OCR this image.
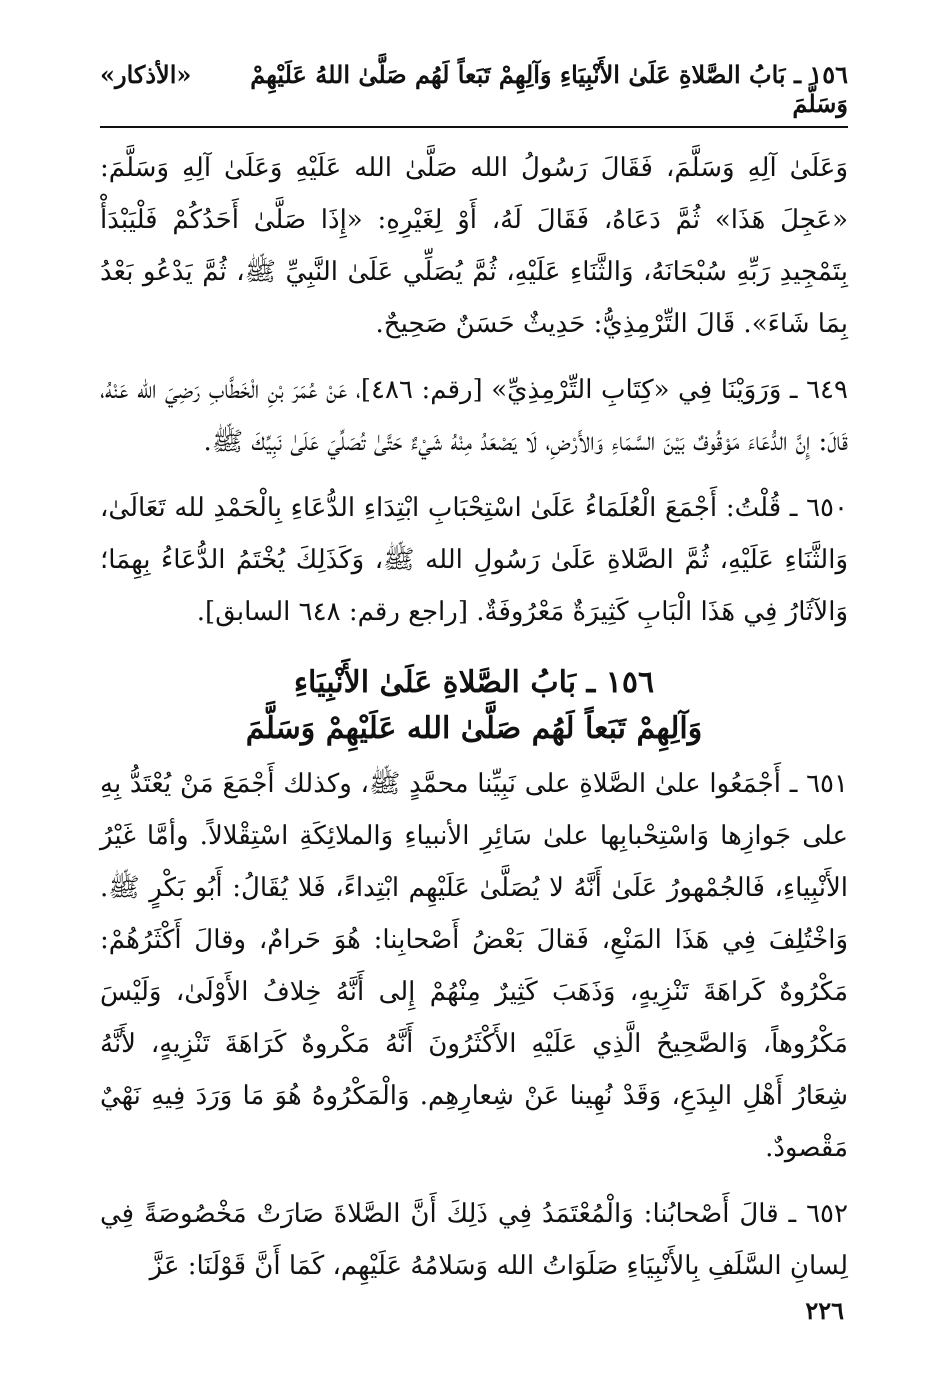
١٥٦ ـ بَابُ الصَّلاةِ عَلَىٰ الأَنْبِيَاءِ وَآلِهِمْ تَبَعاً لَهُم صَلَّىٰ اللهُ عَلَيْهِمْ وَسَلَّمَ
«الأذكار»

وَعَلَىٰ آلِهِ وَسَلَّمَ، فَقَالَ رَسُولُ الله صَلَّىٰ الله عَلَيْهِ وَعَلَىٰ آلِهِ وَسَلَّمَ: «عَجِلَ هَذَا» ثُمَّ دَعَاهُ، فَقَالَ لَهُ، أَوْ لِغَيْرِهِ: «إِذَا صَلَّىٰ أَحَدُكُمْ فَلْيَبْدَأْ بِتَمْجِيدِ رَبِّهِ سُبْحَانَهُ، وَالثَّنَاءِ عَلَيْهِ، ثُمَّ يُصَلِّي عَلَىٰ النَّبِيِّ ﷺ، ثُمَّ يَدْعُو بَعْدُ بِمَا شَاءَ». قَالَ التِّرْمِذِيُّ: حَدِيثٌ حَسَنٌ صَحِيحٌ.

٦٤٩ ـ وَرَوَيْنَا فِي «كِتَابِ التِّرْمِذِيِّ» [رقم: ٤٨٦]، عَنْ عُمَرَ بْنِ الْخَطَّابِ رَضِيَ الله عَنْهُ، قَالَ: إِنَّ الدُّعَاءَ مَوْقُوفٌ بَيْنَ السَّمَاءِ وَالأَرْضِ، لَا يَصْعَدُ مِنْهُ شَيْءٌ حَتَّىٰ تُصَلِّيَ عَلَىٰ نَبِيِّكَ ﷺ.

٦٥٠ ـ قُلْتُ: أَجْمَعَ الْعُلَمَاءُ عَلَىٰ اسْتِحْبَابِ ابْتِدَاءِ الدُّعَاءِ بِالْحَمْدِ لله تَعَالَىٰ، وَالثَّنَاءِ عَلَيْهِ، ثُمَّ الصَّلاةِ عَلَىٰ رَسُولِ الله ﷺ، وَكَذَلِكَ يُخْتَمُ الدُّعَاءُ بِهِمَا؛ وَالآثَارُ فِي هَذَا الْبَابِ كَثِيرَةٌ مَعْرُوفَةٌ. [راجع رقم: ٦٤٨ السابق].

١٥٦ ـ بَابُ الصَّلاةِ عَلَىٰ الأَنْبِيَاءِ
وَآلِهِمْ تَبَعاً لَهُم صَلَّىٰ الله عَلَيْهِمْ وَسَلَّمَ

٦٥١ ـ أَجْمَعُوا علىٰ الصَّلاةِ على نَبِيِّنا محمَّدٍ ﷺ، وكذلك أَجْمَعَ مَنْ يُعْتَدُّ بِهِ على جَوازِها وَاسْتِحْبابِها علىٰ سَائِرِ الأنبياءِ وَالملائِكَةِ اسْتِقْلالاً. وأمَّا غَيْرُ الأَنْبِياءِ، فَالجُمْهورُ عَلَىٰ أَنَّهُ لا يُصَلَّىٰ عَلَيْهِم ابْتِداءً، فَلا يُقَالُ: أَبُو بَكْرٍ ﷺ. وَاخْتُلِفَ فِي هَذَا المَنْعِ، فَقالَ بَعْضُ أَصْحابِنا: هُوَ حَرامٌ، وقالَ أَكْثَرُهُمْ: مَكْرُوهٌ كَراهَةَ تَنْزِيهٍ، وَذَهَبَ كَثِيرٌ مِنْهُمْ إِلى أَنَّهُ خِلافُ الأَوْلَىٰ، وَلَيْسَ مَكْرُوهاً، وَالصَّحِيحُ الَّذِي عَلَيْهِ الأَكْثَرُونَ أَنَّهُ مَكْروهٌ كَرَاهَةَ تَنْزِيهٍ، لأَنَّهُ شِعَارُ أَهْلِ البِدَعِ، وَقَدْ نُهِينا عَنْ شِعارِهِم. وَالْمَكْرُوهُ هُوَ مَا وَرَدَ فِيهِ نَهْيٌ مَقْصودٌ.

٦٥٢ ـ قالَ أَصْحابُنا: وَالْمُعْتَمَدُ فِي ذَلِكَ أَنَّ الصَّلاةَ صَارَتْ مَخْصُوصَةً فِي لِسانِ السَّلَفِ بِالأَنْبِيَاءِ صَلَوَاتُ الله وَسَلامُهُ عَلَيْهِم، كَمَا أَنَّ قَوْلَنَا: عَزَّ

٢٢٦
